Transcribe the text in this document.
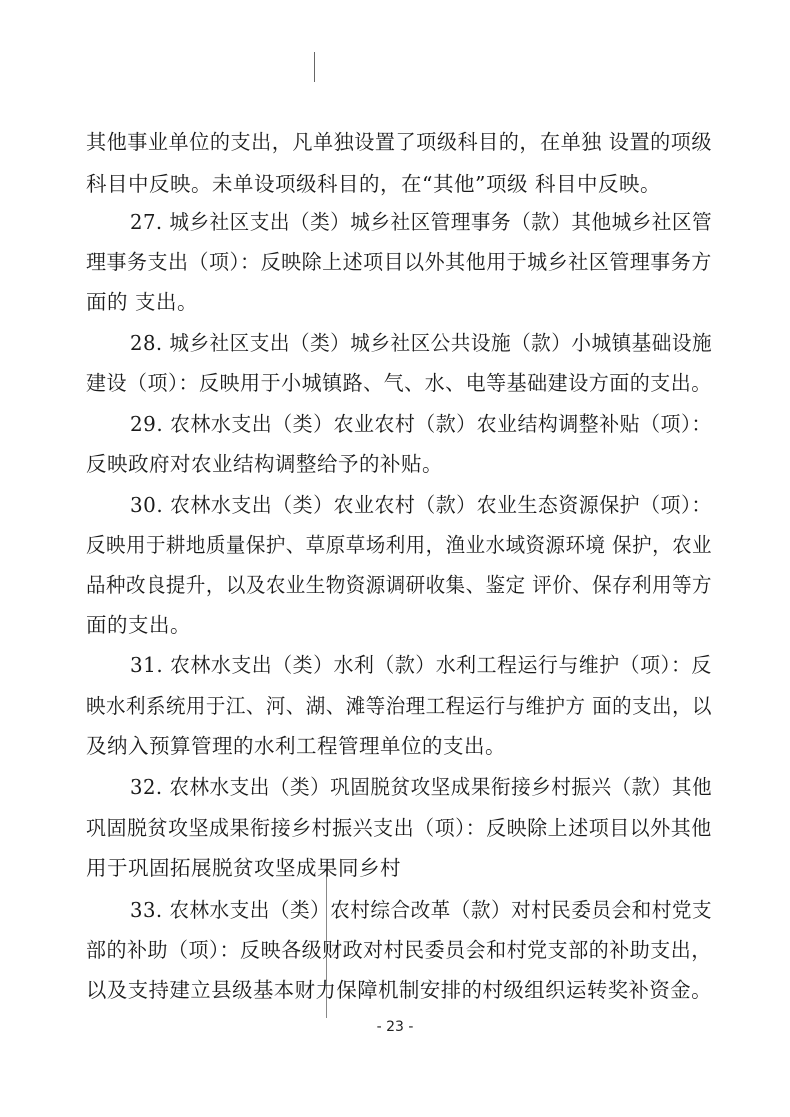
其他事业单位的支出，凡单独设置了项级科目的，在单独 设置的项级
科目中反映。未单设项级科目的，在“其他”项级 科目中反映。
27. 城乡社区支出（类）城乡社区管理事务（款）其他城乡社区管
理事务支出（项）：反映除上述项目以外其他用于城乡社区管理事务方
面的 支出。
28. 城乡社区支出（类）城乡社区公共设施（款）小城镇基础设施
建设（项）：反映用于小城镇路、气、水、电等基础建设方面的支出。
29. 农林水支出（类）农业农村（款）农业结构调整补贴（项）：
反映政府对农业结构调整给予的补贴。
30. 农林水支出（类）农业农村（款）农业生态资源保护（项）：
反映用于耕地质量保护、草原草场利用，渔业水域资源环境 保护，农业
品种改良提升，以及农业生物资源调研收集、鉴定 评价、保存利用等方
面的支出。
31. 农林水支出（类）水利（款）水利工程运行与维护（项）：反
映水利系统用于江、河、湖、滩等治理工程运行与维护方 面的支出，以
及纳入预算管理的水利工程管理单位的支出。
32. 农林水支出（类）巩固脱贫攻坚成果衔接乡村振兴（款）其他
巩固脱贫攻坚成果衔接乡村振兴支出（项）：反映除上述项目以外其他
用于巩固拓展脱贫攻坚成果同乡村
33. 农林水支出（类）农村综合改革（款）对村民委员会和村党支
部的补助（项）：反映各级财政对村民委员会和村党支部的补助支出，
以及支持建立县级基本财力保障机制安排的村级组织运转奖补资金。
- 23 -
